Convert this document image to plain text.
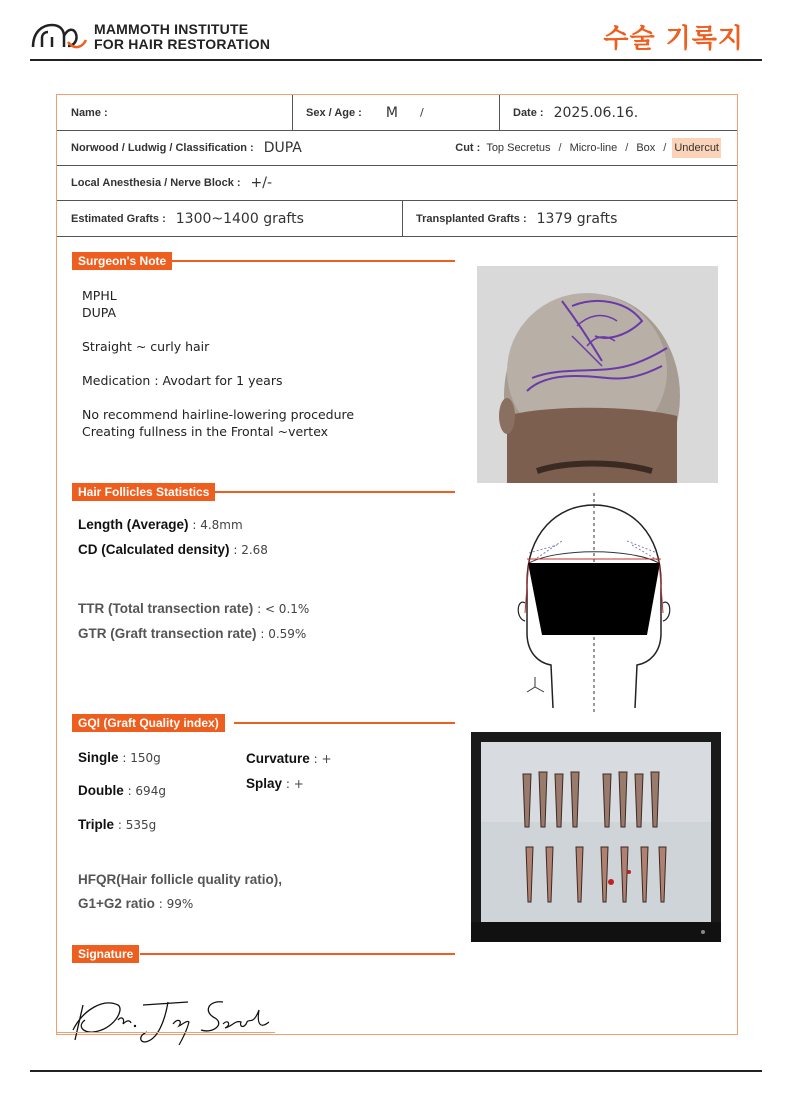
MAMMOTH INSTITUTE
FOR HAIR RESTORATION	수술 기록지
Name :	Sex / Age : M /	Date : 2025.06.16.
Norwood / Ludwig / Classification : DUPA	Cut : Top Secretus / Micro-line / Box / Undercut
Local Anesthesia / Nerve Block : +/-
Estimated Grafts : 1300~1400 grafts	Transplanted Grafts : 1379 grafts
Surgeon's Note

MPHL

DUPA

Straight ~ curly hair

Medication : Avodart for 1 years

No recommend hairline-lowering procedure

Creating fullness in the Frontal ~vertex

Hair Follicles Statistics
Length (Average) : 4.8mm
CD (Calculated density) : 2.68
TTR (Total transection rate) : < 0.1%
GTR (Graft transection rate) : 0.59%
GQI (Graft Quality index)
Single : 150g
Double : 694g
Triple : 535g
Curvature : +
Splay : +
HFQR(Hair follicle quality ratio),
G1+G2 ratio : 99%
Signature
